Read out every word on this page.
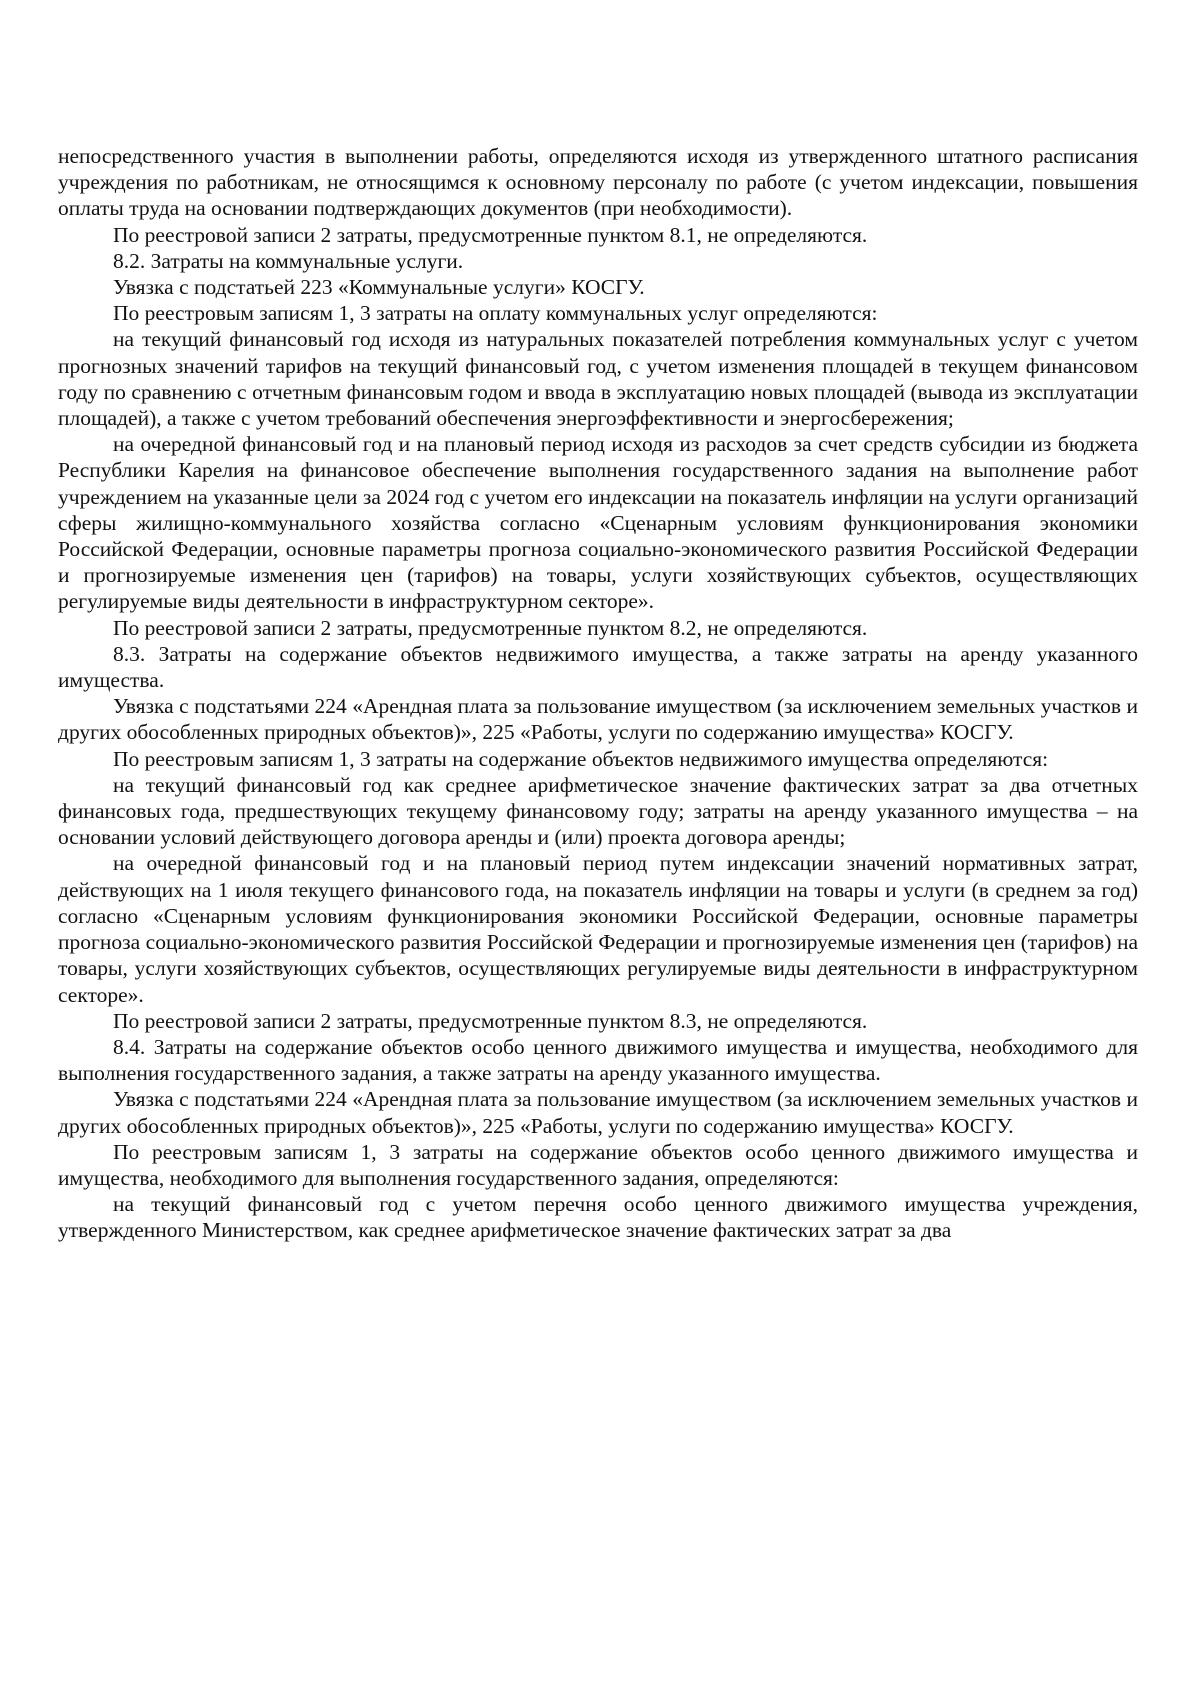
непосредственного участия в выполнении работы, определяются исходя из утвержденного штатного расписания учреждения по работникам, не относящимся к основному персоналу по работе (с учетом индексации, повышения оплаты труда на основании подтверждающих документов (при необходимости).

По реестровой записи 2 затраты, предусмотренные пунктом 8.1, не определяются.

8.2. Затраты на коммунальные услуги.

Увязка с подстатьей 223 «Коммунальные услуги» КОСГУ.

По реестровым записям 1, 3 затраты на оплату коммунальных услуг определяются:

на текущий финансовый год исходя из натуральных показателей потребления коммунальных услуг с учетом прогнозных значений тарифов на текущий финансовый год, с учетом изменения площадей в текущем финансовом году по сравнению с отчетным финансовым годом и ввода в эксплуатацию новых площадей (вывода из эксплуатации площадей), а также с учетом требований обеспечения энергоэффективности и энергосбережения;

на очередной финансовый год и на плановый период исходя из расходов за счет средств субсидии из бюджета Республики Карелия на финансовое обеспечение выполнения государственного задания на выполнение работ учреждением на указанные цели за 2024 год с учетом его индексации на показатель инфляции на услуги организаций сферы жилищно-коммунального хозяйства согласно «Сценарным условиям функционирования экономики Российской Федерации, основные параметры прогноза социально-экономического развития Российской Федерации и прогнозируемые изменения цен (тарифов) на товары, услуги хозяйствующих субъектов, осуществляющих регулируемые виды деятельности в инфраструктурном секторе».

По реестровой записи 2 затраты, предусмотренные пунктом 8.2, не определяются.

8.3. Затраты на содержание объектов недвижимого имущества, а также затраты на аренду указанного имущества.

Увязка с подстатьями 224 «Арендная плата за пользование имуществом (за исключением земельных участков и других обособленных природных объектов)», 225 «Работы, услуги по содержанию имущества» КОСГУ.

По реестровым записям 1, 3 затраты на содержание объектов недвижимого имущества определяются:

на текущий финансовый год как среднее арифметическое значение фактических затрат за два отчетных финансовых года, предшествующих текущему финансовому году; затраты на аренду указанного имущества – на основании условий действующего договора аренды и (или) проекта договора аренды;

на очередной финансовый год и на плановый период путем индексации значений нормативных затрат, действующих на 1 июля текущего финансового года, на показатель инфляции на товары и услуги (в среднем за год) согласно «Сценарным условиям функционирования экономики Российской Федерации, основные параметры прогноза социально-экономического развития Российской Федерации и прогнозируемые изменения цен (тарифов) на товары, услуги хозяйствующих субъектов, осуществляющих регулируемые виды деятельности в инфраструктурном секторе».

По реестровой записи 2 затраты, предусмотренные пунктом 8.3, не определяются.

8.4. Затраты на содержание объектов особо ценного движимого имущества и имущества, необходимого для выполнения государственного задания, а также затраты на аренду указанного имущества.

Увязка с подстатьями 224 «Арендная плата за пользование имуществом (за исключением земельных участков и других обособленных природных объектов)», 225 «Работы, услуги по содержанию имущества» КОСГУ.

По реестровым записям 1, 3 затраты на содержание объектов особо ценного движимого имущества и имущества, необходимого для выполнения государственного задания, определяются:

на текущий финансовый год с учетом перечня особо ценного движимого имущества учреждения, утвержденного Министерством, как среднее арифметическое значение фактических затрат за два
